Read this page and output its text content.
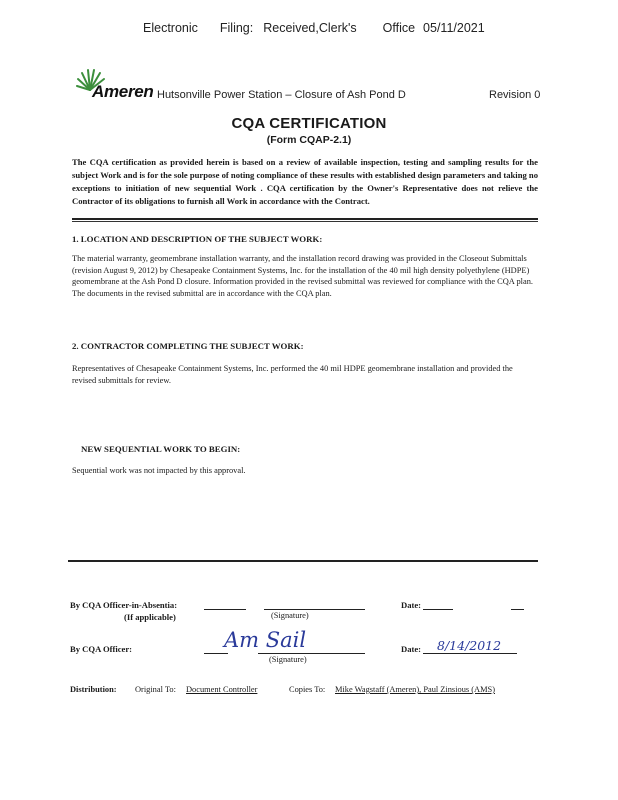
Electronic Filing: Received,Clerk's Office 05/11/2021
Ameren Hutsonville Power Station – Closure of Ash Pond D	Revision 0
CQA CERTIFICATION
(Form CQAP-2.1)
The CQA certification as provided herein is based on a review of available inspection, testing and sampling results for the subject Work and is for the sole purpose of noting compliance of these results with established design parameters and taking no exceptions to initiation of new sequential Work . CQA certification by the Owner's Representative does not relieve the Contractor of its obligations to furnish all Work in accordance with the Contract.
1. LOCATION AND DESCRIPTION OF THE SUBJECT WORK:
The material warranty, geomembrane installation warranty, and the installation record drawing was provided in the Closeout Submittals (revision August 9, 2012) by Chesapeake Containment Systems, Inc. for the installation of the 40 mil high density polyethylene (HDPE) geomembrane at the Ash Pond D closure. Information provided in the revised submittal was reviewed for compliance with the CQA plan. The documents in the revised submittal are in accordance with the CQA plan.
2. CONTRACTOR COMPLETING THE SUBJECT WORK:
Representatives of Chesapeake Containment Systems, Inc. performed the 40 mil HDPE geomembrane installation and provided the revised submittals for review.
NEW SEQUENTIAL WORK TO BEGIN:
Sequential work was not impacted by this approval.
By CQA Officer-in-Absentia:
(If applicable)	(Signature)
Date:
By CQA Officer:	Am Sail
(Signature)
Date: 8/14/2012
Distribution: Original To: Document Controller	Copies To: Mike Wagstaff (Ameren), Paul Zinsious (AMS)
